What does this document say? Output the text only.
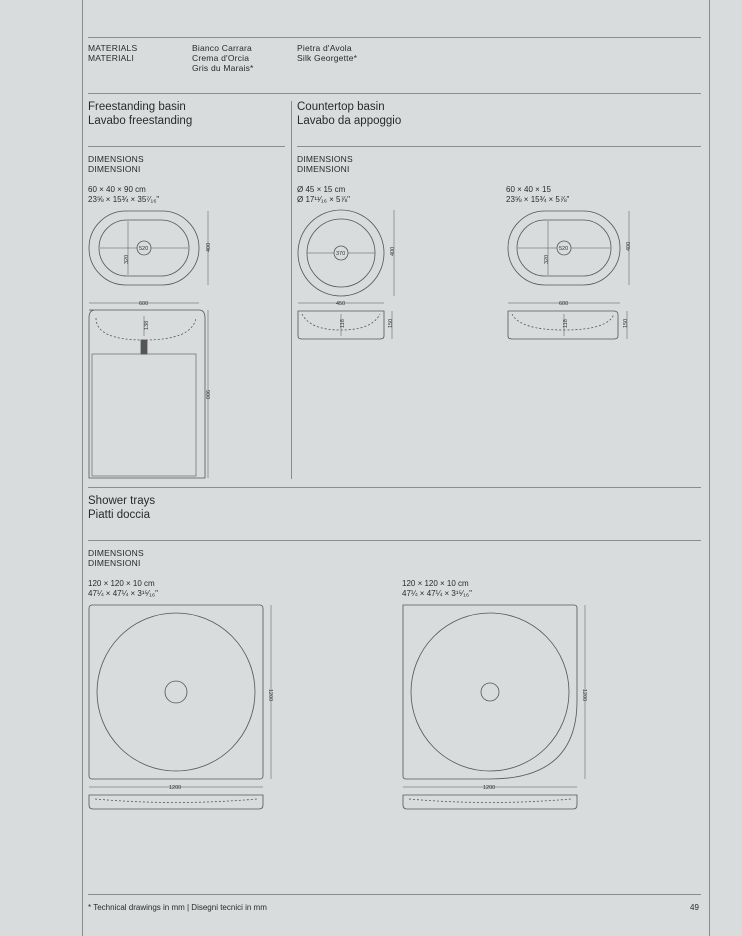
MATERIALS
MATERIALI
Bianco Carrara
Crema d'Orcia
Gris du Marais*
Pietra d'Avola
Silk Georgette*
Freestanding basin
Lavabo freestanding
DIMENSIONS
DIMENSIONI
60 × 40 × 90 cm
23⅝ × 15¾ × 35⁷⁄₁₆"
Countertop basin
Lavabo da appoggio
DIMENSIONS
DIMENSIONI
Ø 45 × 15 cm
Ø 17¹¹⁄₁₆ × 5⅞"
60 × 40 × 15
23⅝ × 15¾ × 5⅞"
520
320
400
600
138
900
370	400
450
118	150
520
320
400
600
118	150
1200
1200
1200
1200
Shower trays
Piatti doccia
DIMENSIONS
DIMENSIONI
120 × 120 × 10 cm
47¼ × 47¼ × 3¹⁵⁄₁₆"
120 × 120 × 10 cm
47¼ × 47¼ × 3¹⁵⁄₁₆"
* Technical drawings in mm | Disegni tecnici in mm	49
